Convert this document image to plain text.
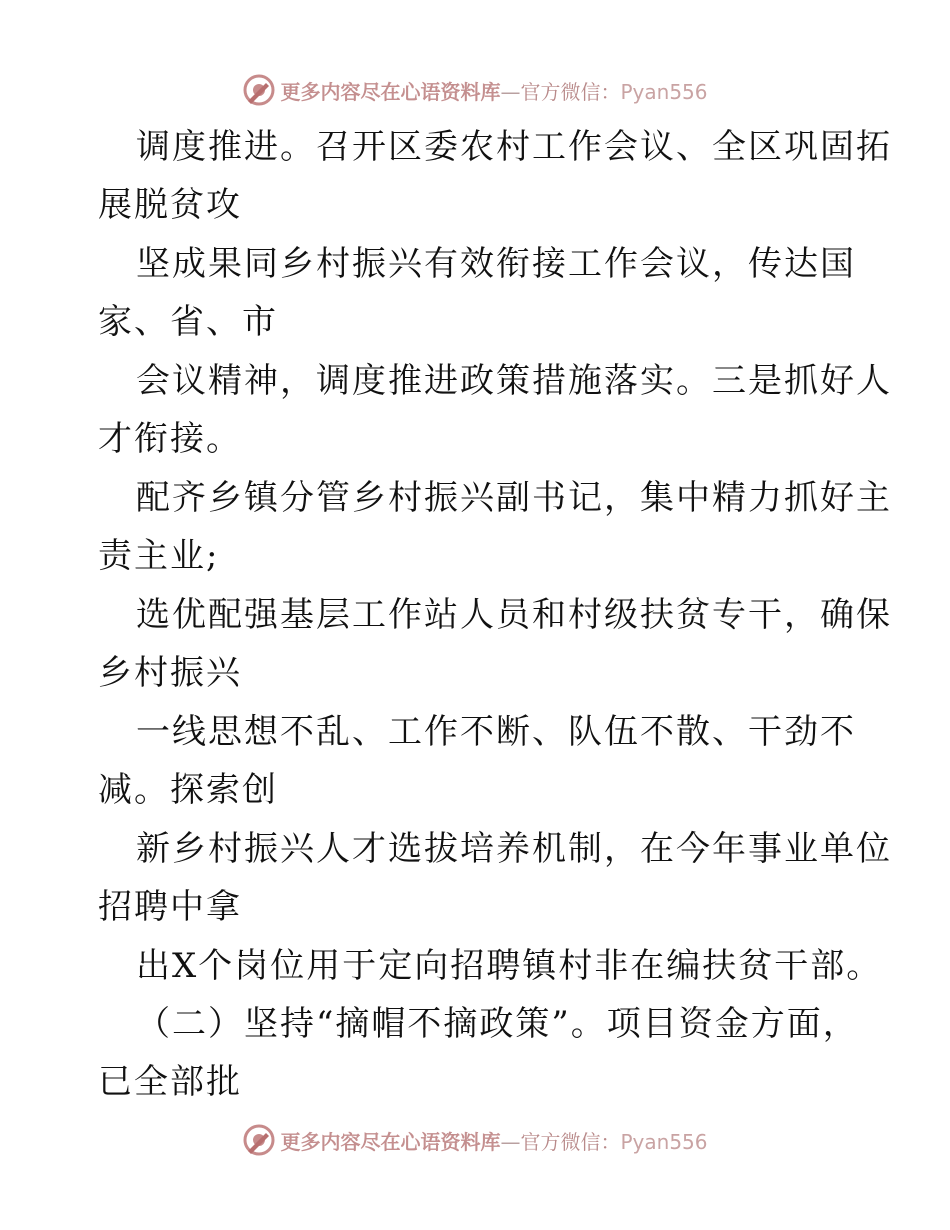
更多内容尽在心语资料库—官方微信：Pyan556
调度推进。召开区委农村工作会议、全区巩固拓
展脱贫攻
坚成果同乡村振兴有效衔接工作会议，传达国
家、省、市
会议精神，调度推进政策措施落实。三是抓好人
才衔接。
配齐乡镇分管乡村振兴副书记，集中精力抓好主
责主业;
选优配强基层工作站人员和村级扶贫专干，确保
乡村振兴
一线思想不乱、工作不断、队伍不散、干劲不
减。探索创
新乡村振兴人才选拔培养机制，在今年事业单位
招聘中拿
出X个岗位用于定向招聘镇村非在编扶贫干部。
（二）坚持“摘帽不摘政策”。项目资金方面，
已全部批
更多内容尽在心语资料库—官方微信：Pyan556
